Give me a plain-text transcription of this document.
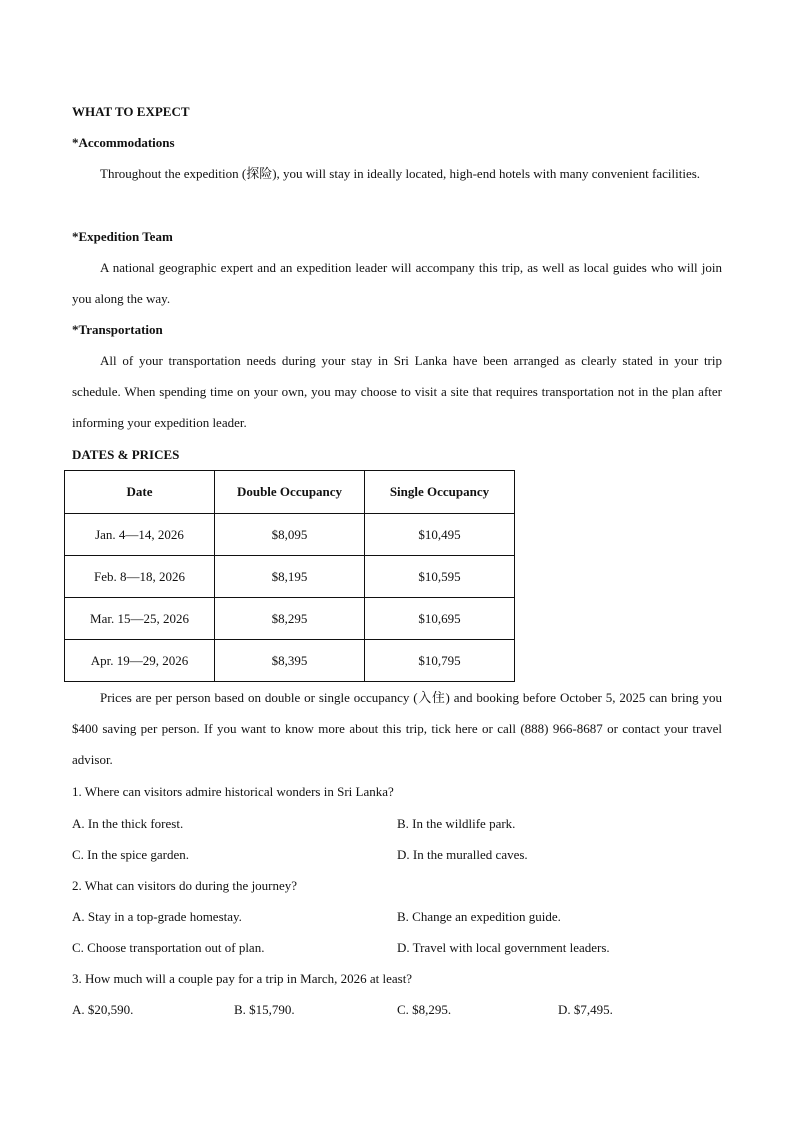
WHAT TO EXPECT
*Accommodations
Throughout the expedition (探险), you will stay in ideally located, high-end hotels with many convenient facilities.
*Expedition Team
A national geographic expert and an expedition leader will accompany this trip, as well as local guides who will join you along the way.
*Transportation
All of your transportation needs during your stay in Sri Lanka have been arranged as clearly stated in your trip schedule. When spending time on your own, you may choose to visit a site that requires transportation not in the plan after informing your expedition leader.
DATES & PRICES
Date	Double Occupancy	Single Occupancy
Jan. 4—14, 2026	$8,095	$10,495
Feb. 8—18, 2026	$8,195	$10,595
Mar. 15—25, 2026	$8,295	$10,695
Apr. 19—29, 2026	$8,395	$10,795
Prices are per person based on double or single occupancy (入住) and booking before October 5, 2025 can bring you $400 saving per person. If you want to know more about this trip, tick here or call (888) 966-8687 or contact your travel advisor.
1. Where can visitors admire historical wonders in Sri Lanka?
A. In the thick forest.	B. In the wildlife park.
C. In the spice garden.	D. In the muralled caves.
2. What can visitors do during the journey?
A. Stay in a top-grade homestay.	B. Change an expedition guide.
C. Choose transportation out of plan.	D. Travel with local government leaders.
3. How much will a couple pay for a trip in March, 2026 at least?
A. $20,590.	B. $15,790.	C. $8,295.	D. $7,495.
